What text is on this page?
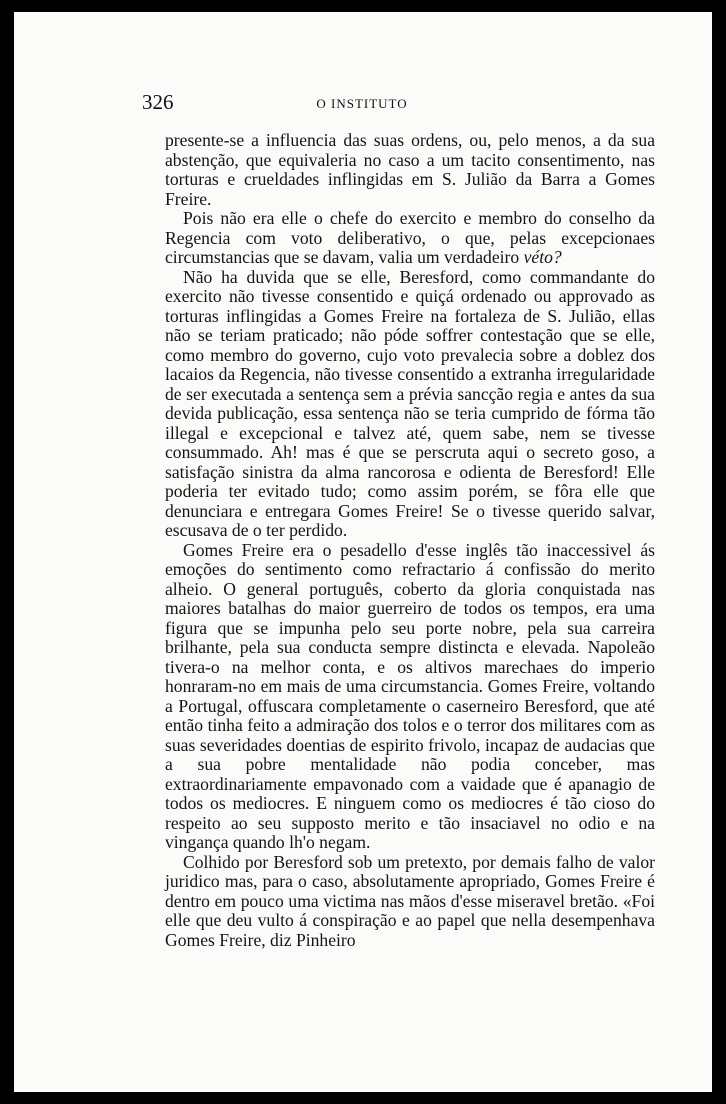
326	O INSTITUTO

presente-se a influencia das suas ordens, ou, pelo menos, a da sua abstenção, que equivaleria no caso a um tacito consentimento, nas torturas e crueldades inflingidas em S. Julião da Barra a Gomes Freire.

Pois não era elle o chefe do exercito e membro do conselho da Regencia com voto deliberativo, o que, pelas excepcionaes circumstancias que se davam, valia um verdadeiro véto?

Não ha duvida que se elle, Beresford, como commandante do exercito não tivesse consentido e quiçá ordenado ou approvado as torturas inflingidas a Gomes Freire na fortaleza de S. Julião, ellas não se teriam praticado; não póde soffrer contestação que se elle, como membro do governo, cujo voto prevalecia sobre a doblez dos lacaios da Regencia, não tivesse consentido a extranha irregularidade de ser executada a sentença sem a prévia sancção regia e antes da sua devida publicação, essa sentença não se teria cumprido de fórma tão illegal e excepcional e talvez até, quem sabe, nem se tivesse consummado. Ah! mas é que se perscruta aqui o secreto goso, a satisfação sinistra da alma rancorosa e odienta de Beresford! Elle poderia ter evitado tudo; como assim porém, se fôra elle que denunciara e entregara Gomes Freire! Se o tivesse querido salvar, escusava de o ter perdido.

Gomes Freire era o pesadello d'esse inglês tão inaccessivel ás emoções do sentimento como refractario á confissão do merito alheio. O general português, coberto da gloria conquistada nas maiores batalhas do maior guerreiro de todos os tempos, era uma figura que se impunha pelo seu porte nobre, pela sua carreira brilhante, pela sua conducta sempre distincta e elevada. Napoleão tivera-o na melhor conta, e os altivos marechaes do imperio honraram-no em mais de uma circumstancia. Gomes Freire, voltando a Portugal, offuscara completamente o caserneiro Beresford, que até então tinha feito a admiração dos tolos e o terror dos militares com as suas severidades doentias de espirito frivolo, incapaz de audacias que a sua pobre mentalidade não podia conceber, mas extraordinariamente empavonado com a vaidade que é apanagio de todos os mediocres. E ninguem como os mediocres é tão cioso do respeito ao seu supposto merito e tão insaciavel no odio e na vingança quando lh'o negam.

Colhido por Beresford sob um pretexto, por demais falho de valor juridico mas, para o caso, absolutamente apropriado, Gomes Freire é dentro em pouco uma victima nas mãos d'esse miseravel bretão. «Foi elle que deu vulto á conspiração e ao papel que nella desempenhava Gomes Freire, diz Pinheiro
